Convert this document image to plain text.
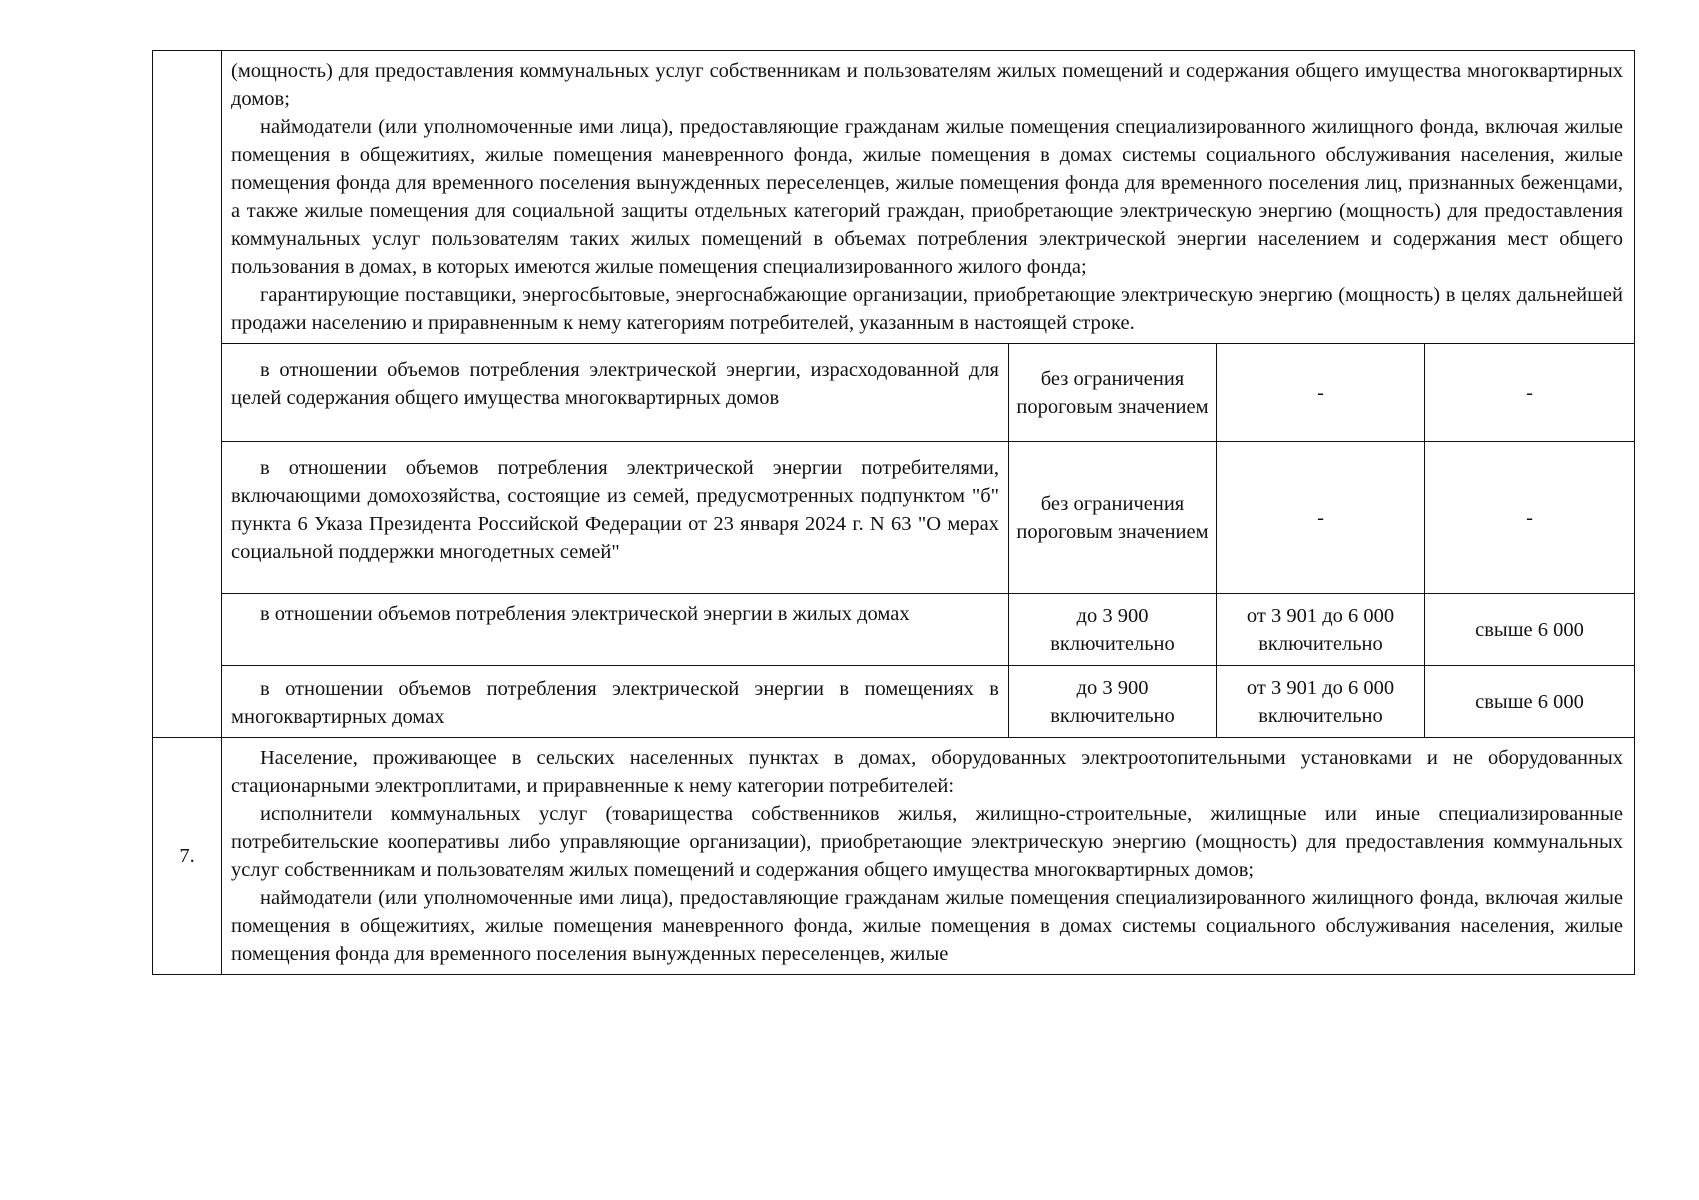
	(мощность) для предоставления коммунальных услуг собственникам и пользователям жилых помещений и содержания общего имущества многоквартирных домов;

наймодатели (или уполномоченные ими лица), предоставляющие гражданам жилые помещения специализированного жилищного фонда, включая жилые помещения в общежитиях, жилые помещения маневренного фонда, жилые помещения в домах системы социального обслуживания населения, жилые помещения фонда для временного поселения вынужденных переселенцев, жилые помещения фонда для временного поселения лиц, признанных беженцами, а также жилые помещения для социальной защиты отдельных категорий граждан, приобретающие электрическую энергию (мощность) для предоставления коммунальных услуг пользователям таких жилых помещений в объемах потребления электрической энергии населением и содержания мест общего пользования в домах, в которых имеются жилые помещения специализированного жилого фонда;

гарантирующие поставщики, энергосбытовые, энергоснабжающие организации, приобретающие электрическую энергию (мощность) в целях дальнейшей продажи населению и приравненным к нему категориям потребителей, указанным в настоящей строке.			

	в отношении объемов потребления электрической энергии, израсходованной для целей содержания общего имущества многоквартирных домов	без ограничения пороговым значением	-	-
	в отношении объемов потребления электрической энергии потребителями, включающими домохозяйства, состоящие из семей, предусмотренных подпунктом "б" пункта 6 Указа Президента Российской Федерации от 23 января 2024 г. N 63 "О мерах социальной поддержки многодетных семей"	без ограничения пороговым значением	-	-
	в отношении объемов потребления электрической энергии в жилых домах	до 3 900 включительно	от 3 901 до 6 000 включительно	свыше 6 000
	в отношении объемов потребления электрической энергии в помещениях в многоквартирных домах	до 3 900 включительно	от 3 901 до 6 000 включительно	свыше 6 000
7.	Население, проживающее в сельских населенных пунктах в домах, оборудованных электроотопительными установками и не оборудованных стационарными электроплитами, и приравненные к нему категории потребителей:

исполнители коммунальных услуг (товарищества собственников жилья, жилищно-строительные, жилищные или иные специализированные потребительские кооперативы либо управляющие организации), приобретающие электрическую энергию (мощность) для предоставления коммунальных услуг собственникам и пользователям жилых помещений и содержания общего имущества многоквартирных домов;

наймодатели (или уполномоченные ими лица), предоставляющие гражданам жилые помещения специализированного жилищного фонда, включая жилые помещения в общежитиях, жилые помещения маневренного фонда, жилые помещения в домах системы социального обслуживания населения, жилые помещения фонда для временного поселения вынужденных переселенцев, жилые			
